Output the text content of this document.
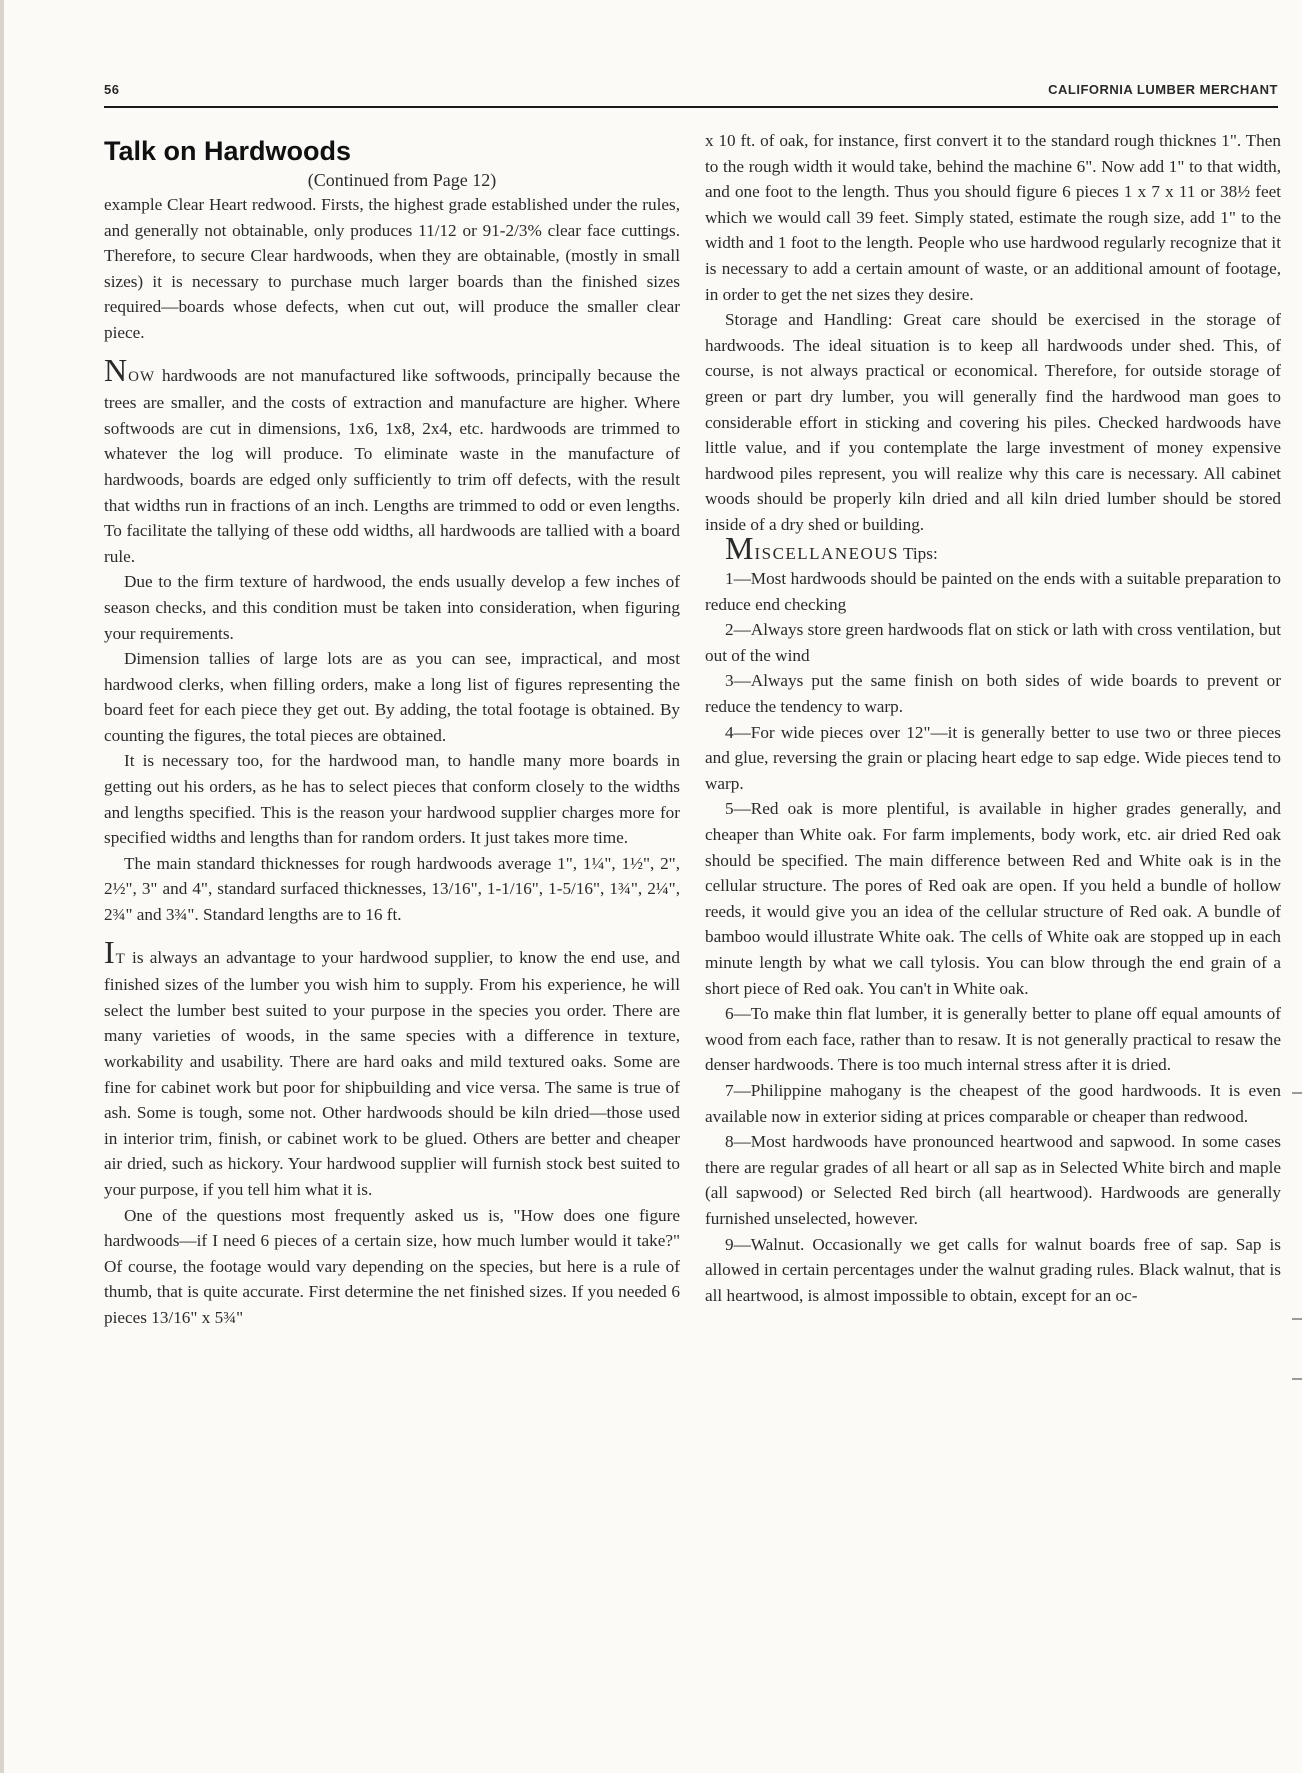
56	CALIFORNIA LUMBER MERCHANT
Talk on Hardwoods

(Continued from Page 12)

example Clear Heart redwood. Firsts, the highest grade established under the rules, and generally not obtainable, only produces 11/12 or 91-2/3% clear face cuttings. Therefore, to secure Clear hardwoods, when they are obtainable, (mostly in small sizes) it is necessary to purchase much larger boards than the finished sizes required—boards whose defects, when cut out, will produce the smaller clear piece.

NOW hardwoods are not manufactured like softwoods, principally because the trees are smaller, and the costs of extraction and manufacture are higher. Where softwoods are cut in dimensions, 1x6, 1x8, 2x4, etc. hardwoods are trimmed to whatever the log will produce. To eliminate waste in the manufacture of hardwoods, boards are edged only sufficiently to trim off defects, with the result that widths run in fractions of an inch. Lengths are trimmed to odd or even lengths. To facilitate the tallying of these odd widths, all hardwoods are tallied with a board rule.

Due to the firm texture of hardwood, the ends usually develop a few inches of season checks, and this condition must be taken into consideration, when figuring your requirements.

Dimension tallies of large lots are as you can see, impractical, and most hardwood clerks, when filling orders, make a long list of figures representing the board feet for each piece they get out. By adding, the total footage is obtained. By counting the figures, the total pieces are obtained.

It is necessary too, for the hardwood man, to handle many more boards in getting out his orders, as he has to select pieces that conform closely to the widths and lengths specified. This is the reason your hardwood supplier charges more for specified widths and lengths than for random orders. It just takes more time.

The main standard thicknesses for rough hardwoods average 1", 1¼", 1½", 2", 2½", 3" and 4", standard surfaced thicknesses, 13/16", 1-1/16", 1-5/16", 1¾", 2¼", 2¾" and 3¾". Standard lengths are to 16 ft.

IT is always an advantage to your hardwood supplier, to know the end use, and finished sizes of the lumber you wish him to supply. From his experience, he will select the lumber best suited to your purpose in the species you order. There are many varieties of woods, in the same species with a difference in texture, workability and usability. There are hard oaks and mild textured oaks. Some are fine for cabinet work but poor for shipbuilding and vice versa. The same is true of ash. Some is tough, some not. Other hardwoods should be kiln dried—those used in interior trim, finish, or cabinet work to be glued. Others are better and cheaper air dried, such as hickory. Your hardwood supplier will furnish stock best suited to your purpose, if you tell him what it is.

One of the questions most frequently asked us is, "How does one figure hardwoods—if I need 6 pieces of a certain size, how much lumber would it take?" Of course, the footage would vary depending on the species, but here is a rule of thumb, that is quite accurate. First determine the net finished sizes. If you needed 6 pieces 13/16" x 5¾"

x 10 ft. of oak, for instance, first convert it to the standard rough thicknes 1". Then to the rough width it would take, behind the machine 6". Now add 1" to that width, and one foot to the length. Thus you should figure 6 pieces 1 x 7 x 11 or 38½ feet which we would call 39 feet. Simply stated, estimate the rough size, add 1" to the width and 1 foot to the length. People who use hardwood regularly recognize that it is necessary to add a certain amount of waste, or an additional amount of footage, in order to get the net sizes they desire.

Storage and Handling: Great care should be exercised in the storage of hardwoods. The ideal situation is to keep all hardwoods under shed. This, of course, is not always practical or economical. Therefore, for outside storage of green or part dry lumber, you will generally find the hardwood man goes to considerable effort in sticking and covering his piles. Checked hardwoods have little value, and if you contemplate the large investment of money expensive hardwood piles represent, you will realize why this care is necessary. All cabinet woods should be properly kiln dried and all kiln dried lumber should be stored inside of a dry shed or building.

MISCELLANEOUS Tips:

1—Most hardwoods should be painted on the ends with a suitable preparation to reduce end checking

2—Always store green hardwoods flat on stick or lath with cross ventilation, but out of the wind

3—Always put the same finish on both sides of wide boards to prevent or reduce the tendency to warp.

4—For wide pieces over 12"—it is generally better to use two or three pieces and glue, reversing the grain or placing heart edge to sap edge. Wide pieces tend to warp.

5—Red oak is more plentiful, is available in higher grades generally, and cheaper than White oak. For farm implements, body work, etc. air dried Red oak should be specified. The main difference between Red and White oak is in the cellular structure. The pores of Red oak are open. If you held a bundle of hollow reeds, it would give you an idea of the cellular structure of Red oak. A bundle of bamboo would illustrate White oak. The cells of White oak are stopped up in each minute length by what we call tylosis. You can blow through the end grain of a short piece of Red oak. You can't in White oak.

6—To make thin flat lumber, it is generally better to plane off equal amounts of wood from each face, rather than to resaw. It is not generally practical to resaw the denser hardwoods. There is too much internal stress after it is dried.

7—Philippine mahogany is the cheapest of the good hardwoods. It is even available now in exterior siding at prices comparable or cheaper than redwood.

8—Most hardwoods have pronounced heartwood and sapwood. In some cases there are regular grades of all heart or all sap as in Selected White birch and maple (all sapwood) or Selected Red birch (all heartwood). Hardwoods are generally furnished unselected, however.

9—Walnut. Occasionally we get calls for walnut boards free of sap. Sap is allowed in certain percentages under the walnut grading rules. Black walnut, that is all heartwood, is almost impossible to obtain, except for an oc-
